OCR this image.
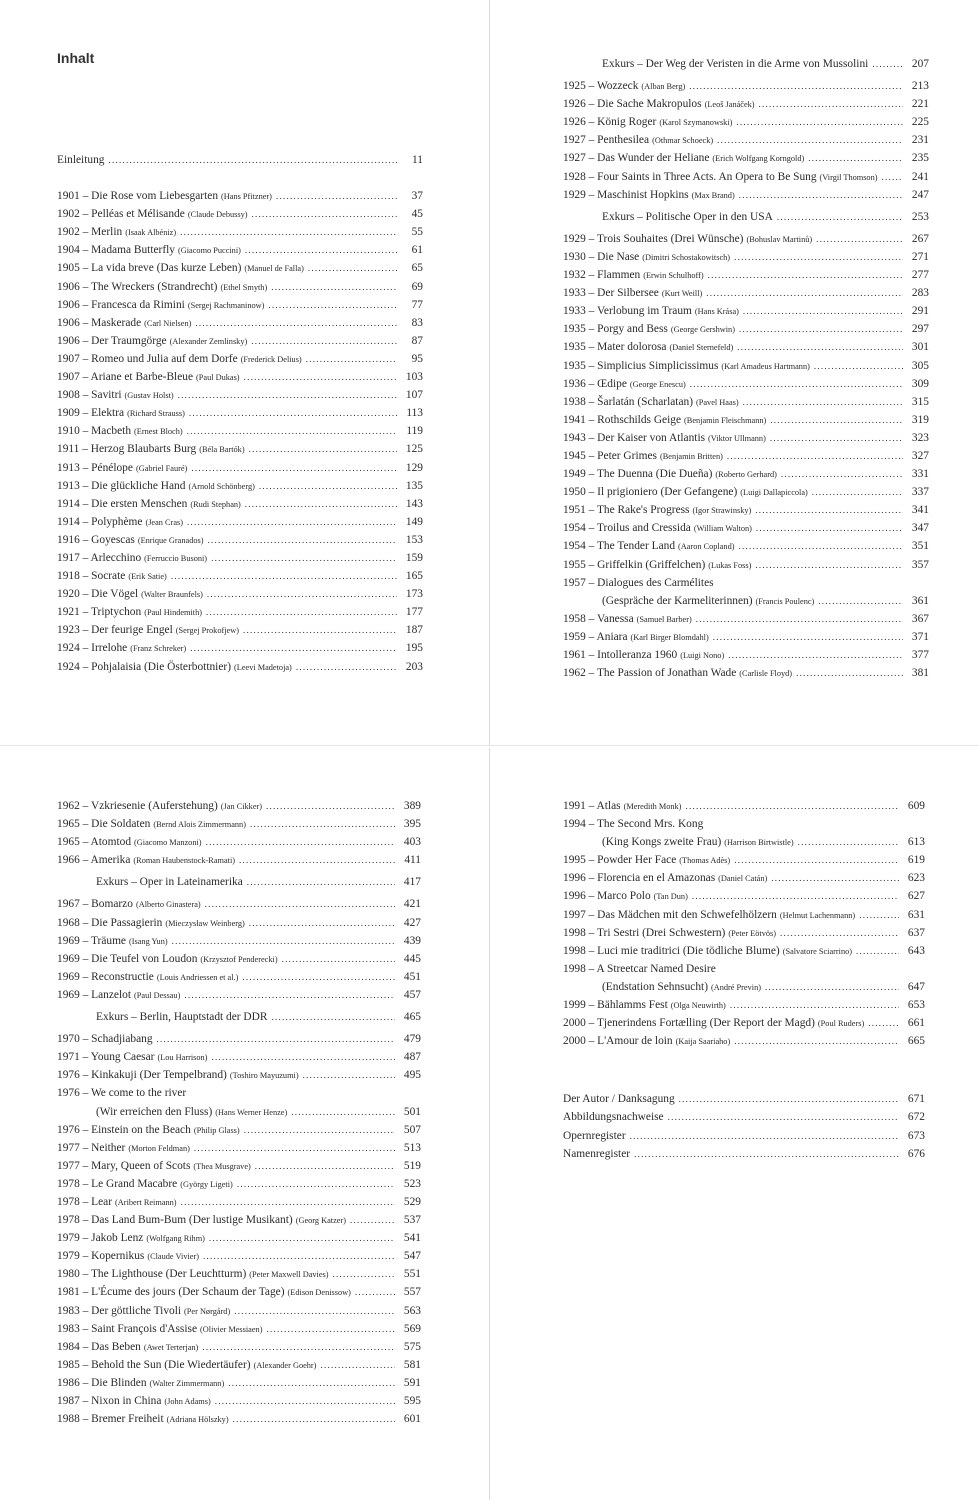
Inhalt
Einleitung . . .	11
1901 – Die Rose vom Liebesgarten (Hans Pfitzner) . . .	37
1902 – Pelléas et Mélisande (Claude Debussy) . . .	45
1902 – Merlin (Isaak Albéniz) . . .	55
1904 – Madama Butterfly (Giacomo Puccini) . . .	61
1905 – La vida breve (Das kurze Leben) (Manuel de Falla) . . .	65
1906 – The Wreckers (Strandrecht) (Ethel Smyth) . . .	69
1906 – Francesca da Rimini (Sergej Rachmaninow) . . .	77
1906 – Maskerade (Carl Nielsen) . . .	83
1906 – Der Traumgörge (Alexander Zemlinsky) . . .	87
1907 – Romeo und Julia auf dem Dorfe (Frederick Delius) . . .	95
1907 – Ariane et Barbe-Bleue (Paul Dukas) . . .	103
1908 – Savitri (Gustav Holst) . . .	107
1909 – Elektra (Richard Strauss) . . .	113
1910 – Macbeth (Ernest Bloch) . . .	119
1911 – Herzog Blaubarts Burg (Béla Bartók) . . .	125
1913 – Pénélope (Gabriel Fauré) . . .	129
1913 – Die glückliche Hand (Arnold Schönberg) . . .	135
1914 – Die ersten Menschen (Rudi Stephan) . . .	143
1914 – Polyphème (Jean Cras) . . .	149
1916 – Goyescas (Enrique Granados) . . .	153
1917 – Arlecchino (Ferruccio Busoni) . . .	159
1918 – Socrate (Erik Satie) . . .	165
1920 – Die Vögel (Walter Braunfels) . . .	173
1921 – Triptychon (Paul Hindemith) . . .	177
1923 – Der feurige Engel (Sergej Prokofjew) . . .	187
1924 – Irrelohe (Franz Schreker) . . .	195
1924 – Pohjalaisia (Die Österbottnier) (Leevi Madetoja) . . .	203
Exkurs – Der Weg der Veristen in die Arme von Mussolini . . .	207
1925 – Wozzeck (Alban Berg) . . .	213
1926 – Die Sache Makropulos (Leoš Janáček) . . .	221
1926 – König Roger (Karol Szymanowski) . . .	225
1927 – Penthesilea (Othmar Schoeck) . . .	231
1927 – Das Wunder der Heliane (Erich Wolfgang Korngold) . . .	235
1928 – Four Saints in Three Acts. An Opera to Be Sung (Virgil Thomson) . . .	241
1929 – Maschinist Hopkins (Max Brand) . . .	247
Exkurs – Politische Oper in den USA . . .	253
1929 – Trois Souhaites (Drei Wünsche) (Bohuslav Martinů) . . .	267
1930 – Die Nase (Dimitri Schostakowitsch) . . .	271
1932 – Flammen (Erwin Schulhoff) . . .	277
1933 – Der Silbersee (Kurt Weill) . . .	283
1933 – Verlobung im Traum (Hans Krása) . . .	291
1935 – Porgy and Bess (George Gershwin) . . .	297
1935 – Mater dolorosa (Daniel Sternefeld) . . .	301
1935 – Simplicius Simplicissimus (Karl Amadeus Hartmann) . . .	305
1936 – Œdipe (George Enescu) . . .	309
1938 – Šarlatán (Scharlatan) (Pavel Haas) . . .	315
1941 – Rothschilds Geige (Benjamin Fleischmann) . . .	319
1943 – Der Kaiser von Atlantis (Viktor Ullmann) . . .	323
1945 – Peter Grimes (Benjamin Britten) . . .	327
1949 – The Duenna (Die Dueña) (Roberto Gerhard) . . .	331
1950 – Il prigioniero (Der Gefangene) (Luigi Dallapiccola) . . .	337
1951 – The Rake's Progress (Igor Strawinsky) . . .	341
1954 – Troilus and Cressida (William Walton) . . .	347
1954 – The Tender Land (Aaron Copland) . . .	351
1955 – Griffelkin (Griffelchen) (Lukas Foss) . . .	357
1957 – Dialogues des Carmélites
(Gespräche der Karmeliterinnen) (Francis Poulenc) . . .	361
1958 – Vanessa (Samuel Barber) . . .	367
1959 – Aniara (Karl Birger Blomdahl) . . .	371
1961 – Intolleranza 1960 (Luigi Nono) . . .	377
1962 – The Passion of Jonathan Wade (Carlisle Floyd) . . .	381
1962 – Vzkriesenie (Auferstehung) (Jan Cikker) . . .	389
1965 – Die Soldaten (Bernd Alois Zimmermann) . . .	395
1965 – Atomtod (Giacomo Manzoni) . . .	403
1966 – Amerika (Roman Haubenstock-Ramati) . . .	411
Exkurs – Oper in Lateinamerika . . .	417
1967 – Bomarzo (Alberto Ginastera) . . .	421
1968 – Die Passagierin (Mieczysław Weinberg) . . .	427
1969 – Träume (Isang Yun) . . .	439
1969 – Die Teufel von Loudon (Krzysztof Penderecki) . . .	445
1969 – Reconstructie (Louis Andriessen et al.) . . .	451
1969 – Lanzelot (Paul Dessau) . . .	457
Exkurs – Berlin, Hauptstadt der DDR . . .	465
1970 – Schadjiabang . . .	479
1971 – Young Caesar (Lou Harrison) . . .	487
1976 – Kinkakuji (Der Tempelbrand) (Toshiro Mayuzumi) . . .	495
1976 – We come to the river
(Wir erreichen den Fluss) (Hans Werner Henze) . . .	501
1976 – Einstein on the Beach (Philip Glass) . . .	507
1977 – Neither (Morton Feldman) . . .	513
1977 – Mary, Queen of Scots (Thea Musgrave) . . .	519
1978 – Le Grand Macabre (György Ligeti) . . .	523
1978 – Lear (Aribert Reimann) . . .	529
1978 – Das Land Bum-Bum (Der lustige Musikant) (Georg Katzer) . . .	537
1979 – Jakob Lenz (Wolfgang Rihm) . . .	541
1979 – Kopernikus (Claude Vivier) . . .	547
1980 – The Lighthouse (Der Leuchtturm) (Peter Maxwell Davies) . . .	551
1981 – L'Écume des jours (Der Schaum der Tage) (Edison Denissow) . . .	557
1983 – Der göttliche Tivoli (Per Nørgård) . . .	563
1983 – Saint François d'Assise (Olivier Messiaen) . . .	569
1984 – Das Beben (Awet Terterjan) . . .	575
1985 – Behold the Sun (Die Wiedertäufer) (Alexander Goehr) . . .	581
1986 – Die Blinden (Walter Zimmermann) . . .	591
1987 – Nixon in China (John Adams) . . .	595
1988 – Bremer Freiheit (Adriana Hölszky) . . .	601
1991 – Atlas (Meredith Monk) . . .	609
1994 – The Second Mrs. Kong
(King Kongs zweite Frau) (Harrison Birtwistle) . . .	613
1995 – Powder Her Face (Thomas Adès) . . .	619
1996 – Florencia en el Amazonas (Daniel Catán) . . .	623
1996 – Marco Polo (Tan Dun) . . .	627
1997 – Das Mädchen mit den Schwefelhölzern (Helmut Lachenmann) . . .	631
1998 – Tri Sestri (Drei Schwestern) (Peter Eötvös) . . .	637
1998 – Luci mie traditrici (Die tödliche Blume) (Salvatore Sciarrino) . . .	643
1998 – A Streetcar Named Desire
(Endstation Sehnsucht) (André Previn) . . .	647
1999 – Bählamms Fest (Olga Neuwirth) . . .	653
2000 – Tjenerindens Fortælling (Der Report der Magd) (Poul Ruders) . . .	661
2000 – L'Amour de loin (Kaija Saariaho) . . .	665
Der Autor / Danksagung . . .	671
Abbildungsnachweise . . .	672
Opernregister . . .	673
Namenregister . . .	676
